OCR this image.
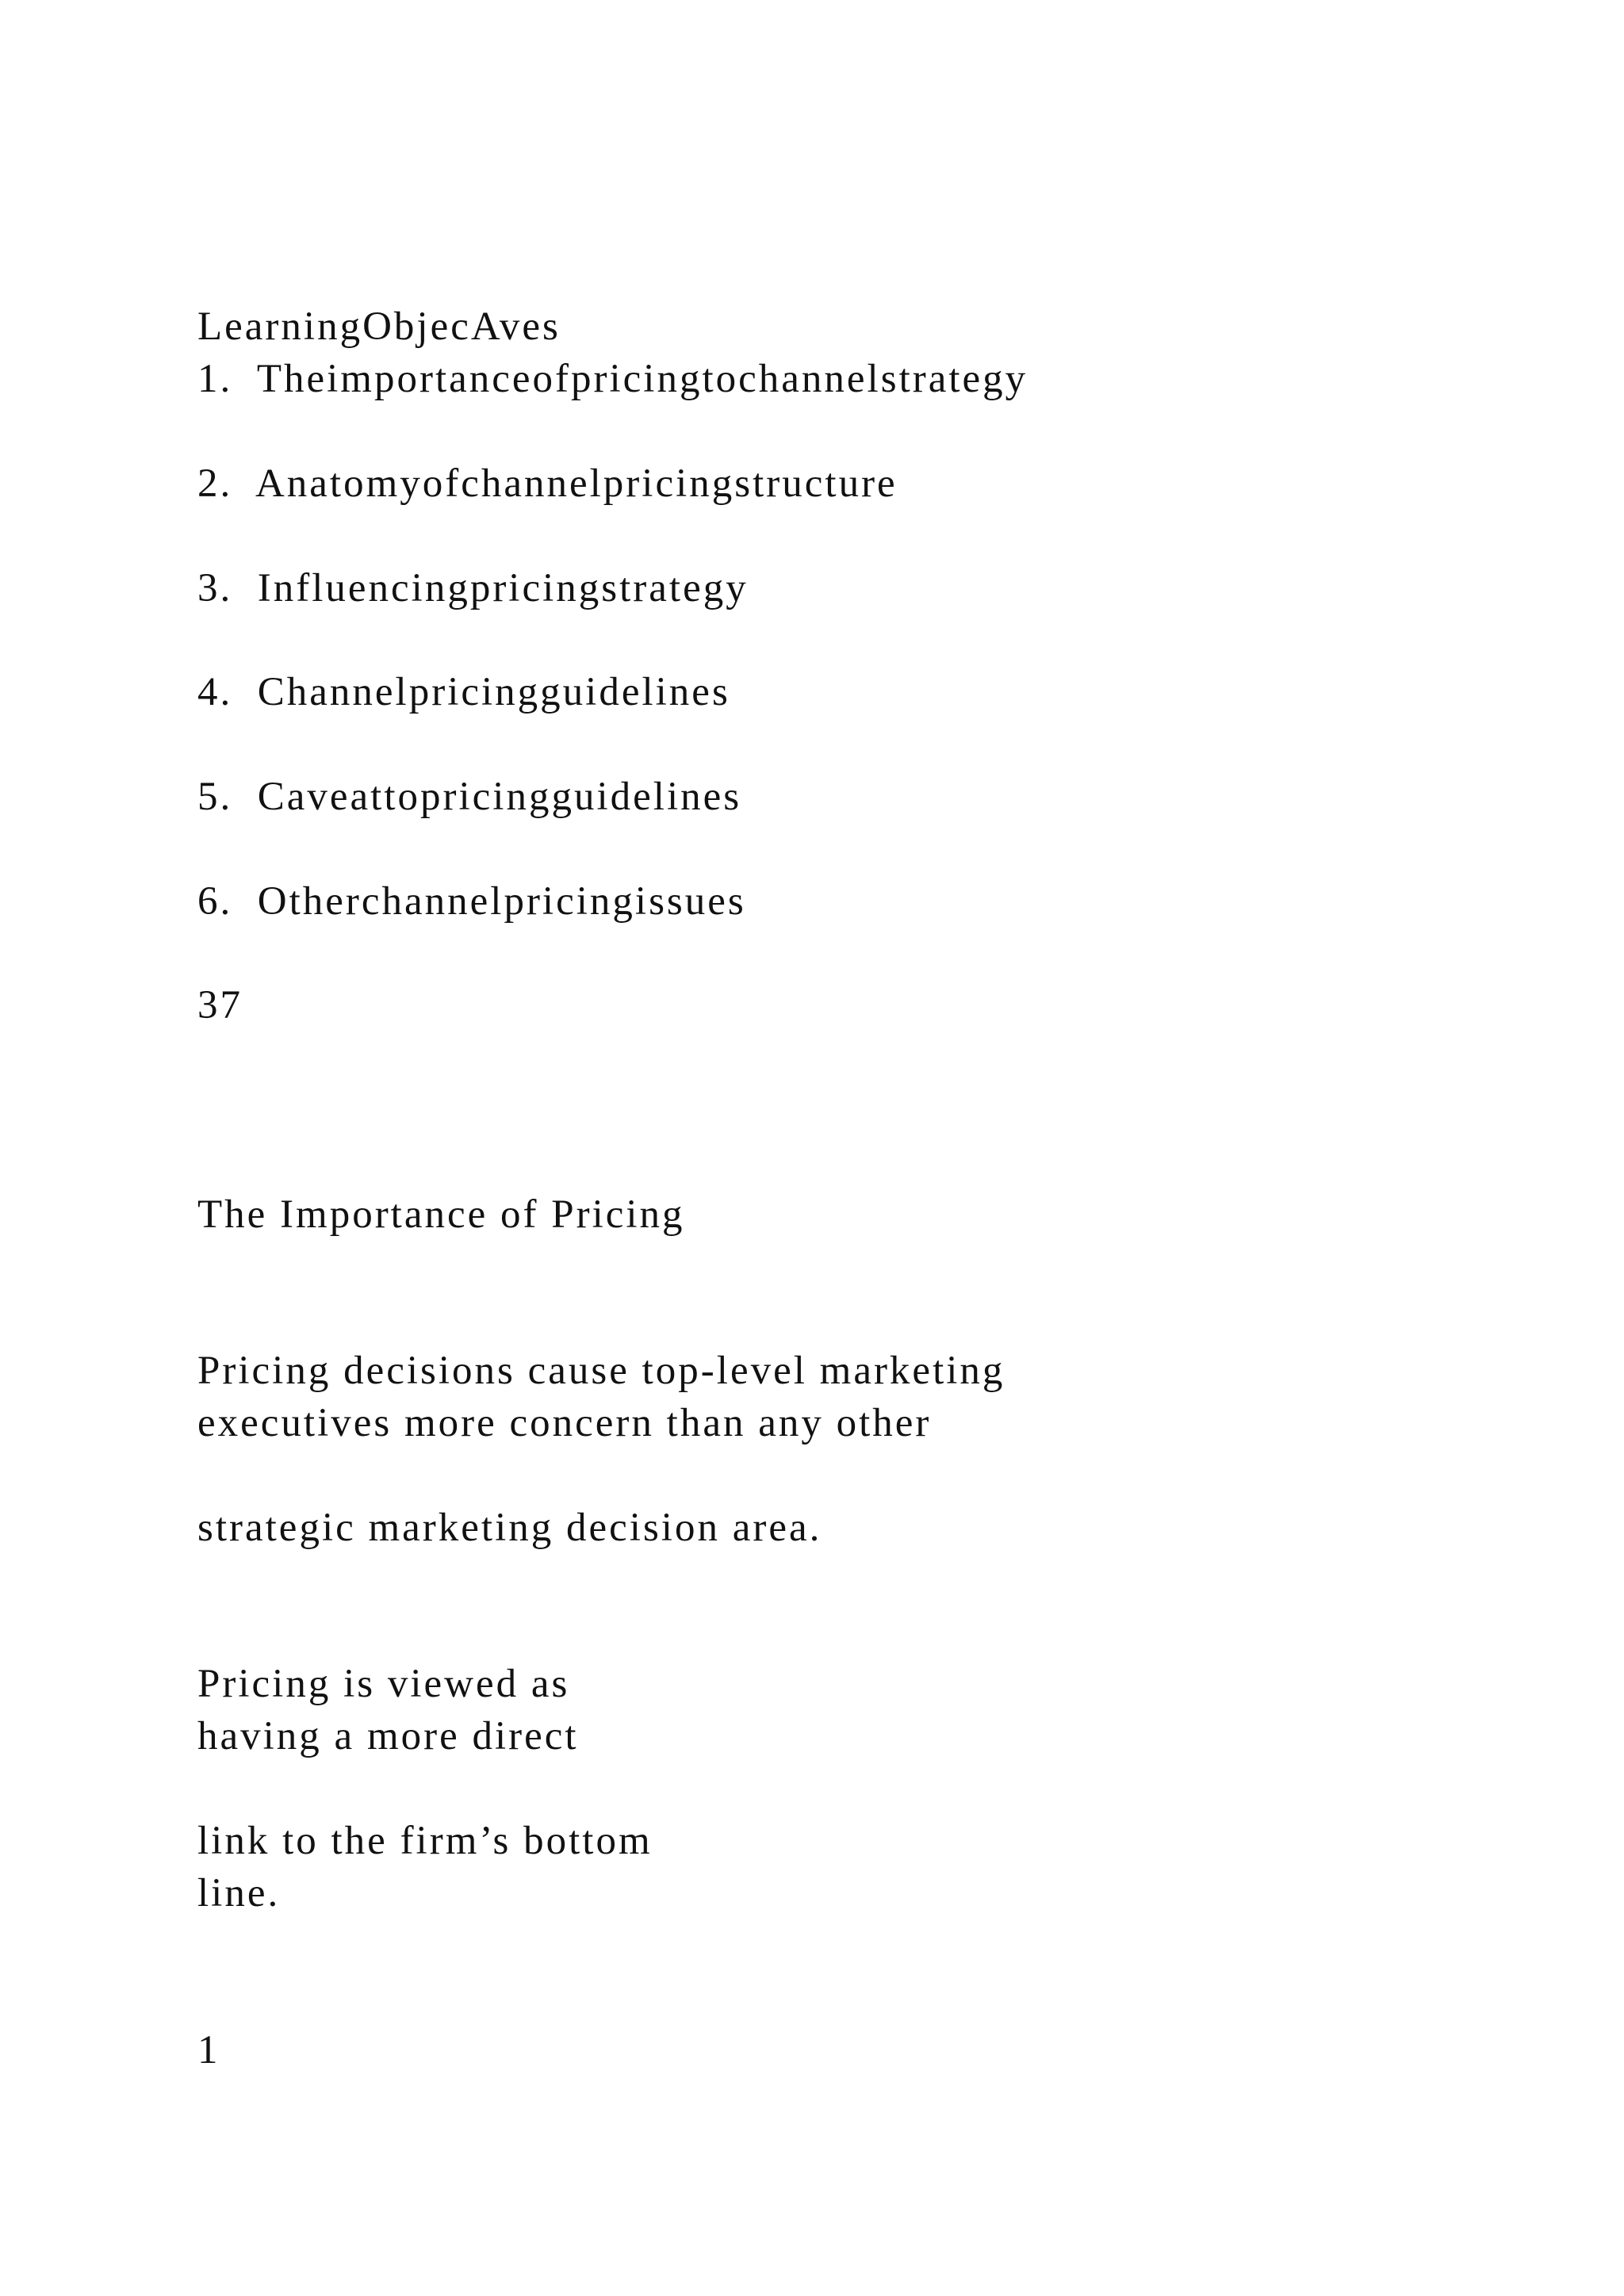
LearningObjecAves

1. Theimportanceofpricingtochannelstrategy

2. Anatomyofchannelpricingstructure

3. Influencingpricingstrategy

4. Channelpricingguidelines

5. Caveattopricingguidelines

6. Otherchannelpricingissues

37

The Importance of Pricing

Pricing decisions cause top-level marketing

executives more concern than any other

strategic marketing decision area.

Pricing is viewed as

having a more direct

link to the firm’s bottom

line.

1
